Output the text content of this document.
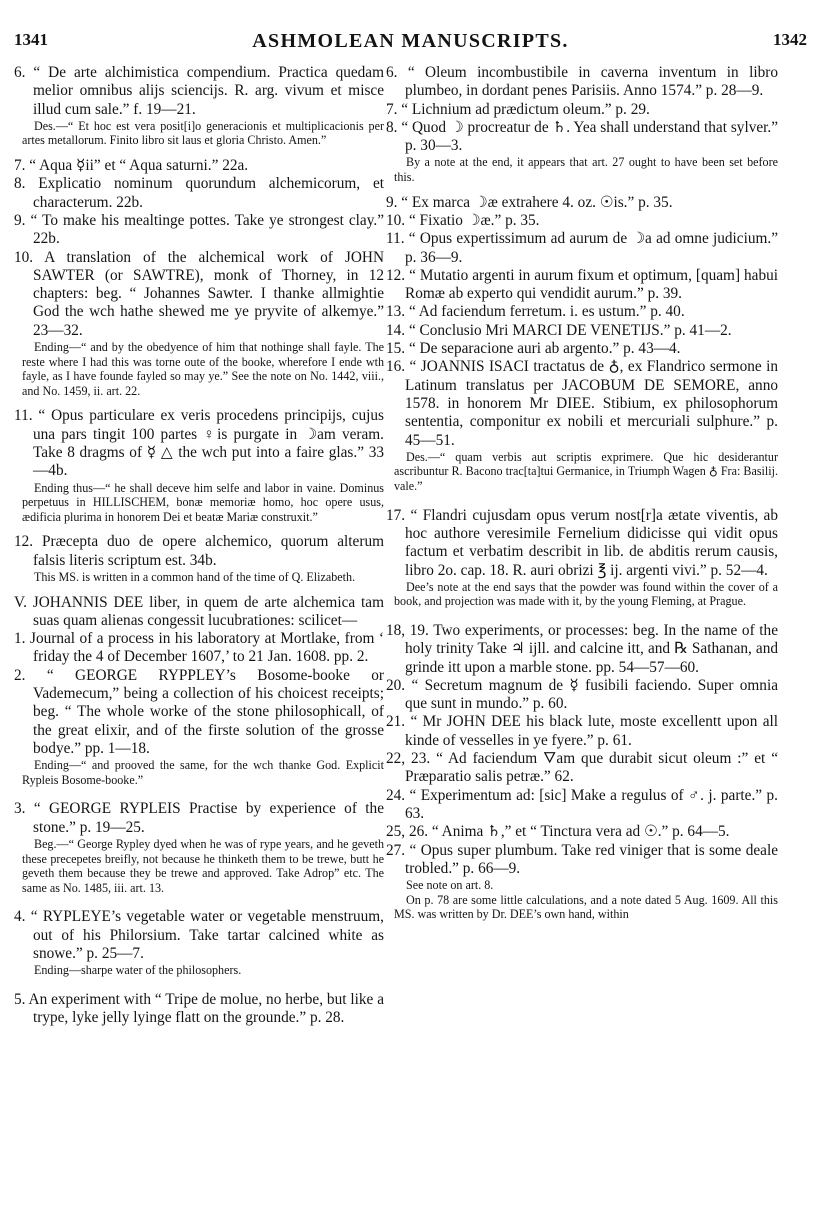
1341	ASHMOLEAN MANUSCRIPTS.	1342
6. “ De arte alchimistica compendium. Practica quedam melior omnibus alijs sciencijs. R. arg. vivum et misce illud cum sale.” f. 19—21.
Des.—“ Et hoc est vera posit[i]o generacionis et multiplicacionis per artes metallorum. Finito libro sit laus et gloria Christo. Amen.”
7. “ Aqua ☿ii” et “ Aqua saturni.” 22a.
8. Explicatio nominum quorundum alchemicorum, et characterum. 22b.
9. “ To make his mealtinge pottes. Take ye strongest clay.” 22b.
10. A translation of the alchemical work of JOHN SAWTER (or SAWTRE), monk of Thorney, in 12 chapters: beg. “ Johannes Sawter. I thanke allmightie God the wch hathe shewed me ye pryvite of alkemye.” 23—32.
Ending—“ and by the obedyence of him that nothinge shall fayle. The reste where I had this was torne oute of the booke, wherefore I ende wth fayle, as I have founde fayled so may ye.” See the note on No. 1442, viii., and No. 1459, ii. art. 22.
11. “ Opus particulare ex veris procedens principijs, cujus una pars tingit 100 partes ♀is purgate in ☽am veram. Take 8 dragms of ☿ △ the wch put into a faire glas.” 33—4b.
Ending thus—“ he shall deceve him selfe and labor in vaine. Dominus perpetuus in HILLISCHEM, bonæ memoriæ homo, hoc opere usus, ædificia plurima in honorem Dei et beatæ Mariæ construxit.”
12. Præcepta duo de opere alchemico, quorum alterum falsis literis scriptum est. 34b.
This MS. is written in a common hand of the time of Q. Elizabeth.
V. JOHANNIS DEE liber, in quem de arte alchemica tam suas quam alienas congessit lucubrationes: scilicet—
1. Journal of a process in his laboratory at Mortlake, from ‘ friday the 4 of December 1607,’ to 21 Jan. 1608. pp. 2.
2. “ GEORGE RYPPLEY’s Bosome-booke or Vademecum,” being a collection of his choicest receipts; beg. “ The whole worke of the stone philosophicall, of the great elixir, and of the firste solution of the grosse bodye.” pp. 1—18.
Ending—“ and prooved the same, for the wch thanke God. Explicit Rypleis Bosome-booke.”
3. “ GEORGE RYPLEIS Practise by experience of the stone.” p. 19—25.
Beg.—“ George Rypley dyed when he was of rype years, and he geveth these precepetes breifly, not because he thinketh them to be trewe, butt he geveth them because they be trewe and approved. Take Adrop” etc. The same as No. 1485, iii. art. 13.
4. “ RYPLEYE’s vegetable water or vegetable menstruum, out of his Philorsium. Take tartar calcined white as snowe.” p. 25—7.
Ending—sharpe water of the philosophers.
5. An experiment with “ Tripe de molue, no herbe, but like a trype, lyke jelly lyinge flatt on the grounde.” p. 28.
6. “ Oleum incombustibile in caverna inventum in libro plumbeo, in dordant penes Parisiis. Anno 1574.” p. 28—9.
7. “ Lichnium ad prædictum oleum.” p. 29.
8. “ Quod ☽ procreatur de ♄. Yea shall understand that sylver.” p. 30—3.
By a note at the end, it appears that art. 27 ought to have been set before this.
9. “ Ex marca ☽æ extrahere 4. oz. ☉is.” p. 35.
10. “ Fixatio ☽æ.” p. 35.
11. “ Opus expertissimum ad aurum de ☽a ad omne judicium.” p. 36—9.
12. “ Mutatio argenti in aurum fixum et optimum, [quam] habui Romæ ab experto qui vendidit aurum.” p. 39.
13. “ Ad faciendum ferretum. i. es ustum.” p. 40.
14. “ Conclusio Mri MARCI DE VENETIJS.” p. 41—2.
15. “ De separacione auri ab argento.” p. 43—4.
16. “ JOANNIS ISACI tractatus de ♁, ex Flandrico sermone in Latinum translatus per JACOBUM DE SEMORE, anno 1578. in honorem Mr DIEE. Stibium, ex philosophorum sententia, componitur ex nobili et mercuriali sulphure.” p. 45—51.
Des.—“ quam verbis aut scriptis exprimere. Que hic desiderantur ascribuntur R. Bacono trac[ta]tui Germanice, in Triumph Wagen ♁ Fra: Basilij. vale.”
17. “ Flandri cujusdam opus verum nost[r]a ætate viventis, ab hoc authore veresimile Fernelium didicisse qui vidit opus factum et verbatim describit in lib. de abditis rerum causis, libro 2o. cap. 18. R. auri obrizi ℥ ij. argenti vivi.” p. 52—4.
Dee’s note at the end says that the powder was found within the cover of a book, and projection was made with it, by the young Fleming, at Prague.
18, 19. Two experiments, or processes: beg. In the name of the holy trinity Take ♃ ijll. and calcine itt, and ℞ Sathanan, and grinde itt upon a marble stone. pp. 54—57—60.
20. “ Secretum magnum de ☿ fusibili faciendo. Super omnia que sunt in mundo.” p. 60.
21. “ Mr JOHN DEE his black lute, moste excellentt upon all kinde of vesselles in ye fyere.” p. 61.
22, 23. “ Ad faciendum 🜄am que durabit sicut oleum :” et “ Præparatio salis petræ.” 62.
24. “ Experimentum ad: [sic] Make a regulus of ♂. j. parte.” p. 63.
25, 26. “ Anima ♄,” et “ Tinctura vera ad ☉.” p. 64—5.
27. “ Opus super plumbum. Take red viniger that is some deale trobled.” p. 66—9.
See note on art. 8.
On p. 78 are some little calculations, and a note dated 5 Aug. 1609. All this MS. was written by Dr. DEE’s own hand, within
